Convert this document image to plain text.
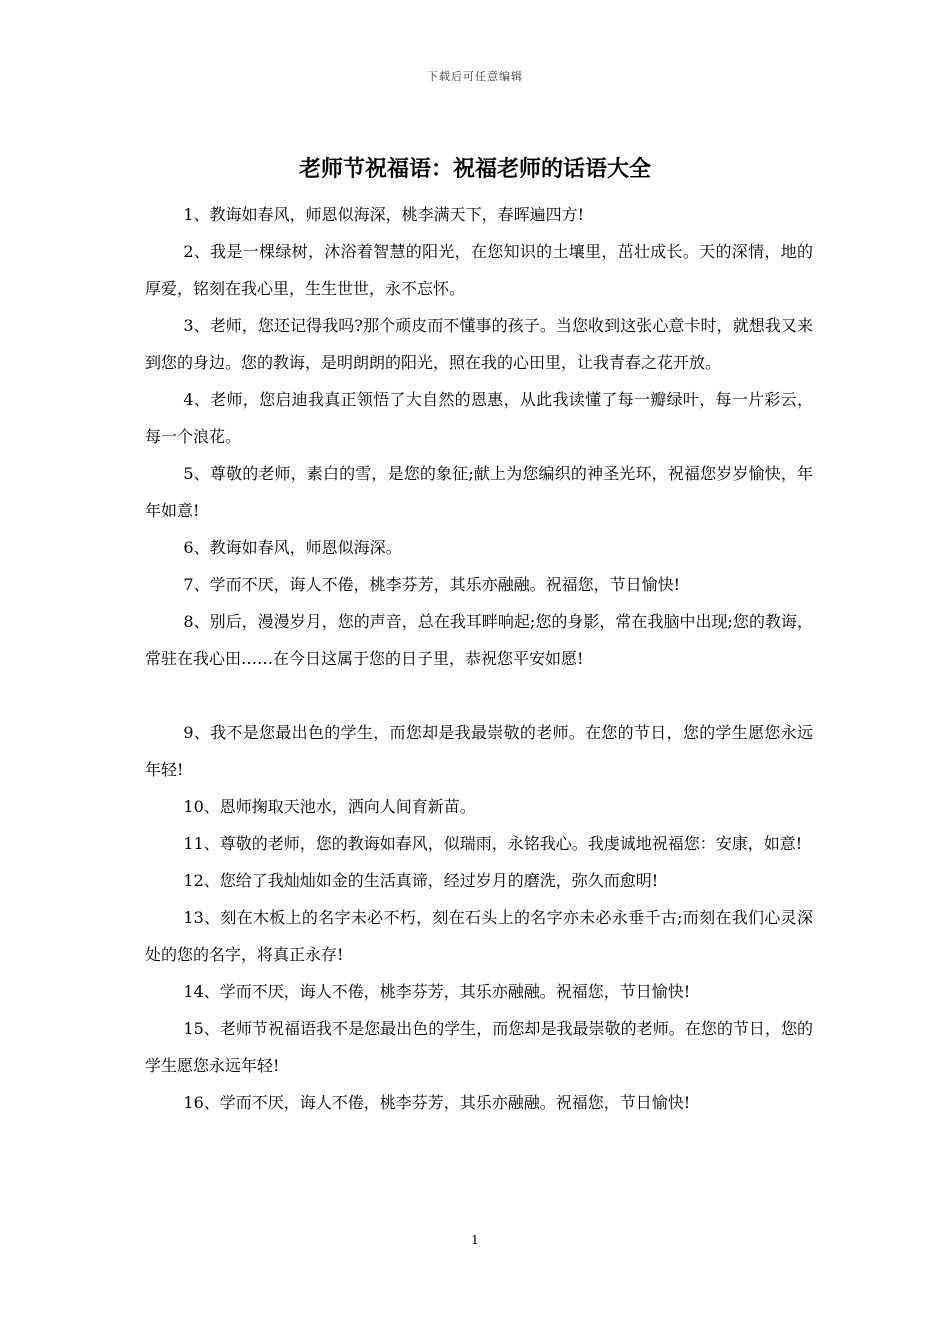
下载后可任意编辑
老师节祝福语：祝福老师的话语大全

1、教诲如春风，师恩似海深，桃李满天下，春晖遍四方!

2、我是一棵绿树，沐浴着智慧的阳光，在您知识的土壤里，茁壮成长。天的深情，地的厚爱，铭刻在我心里，生生世世，永不忘怀。

3、老师，您还记得我吗?那个顽皮而不懂事的孩子。当您收到这张心意卡时，就想我又来到您的身边。您的教诲，是明朗朗的阳光，照在我的心田里，让我青春之花开放。

4、老师，您启迪我真正领悟了大自然的恩惠，从此我读懂了每一瓣绿叶，每一片彩云，每一个浪花。

5、尊敬的老师，素白的雪，是您的象征;献上为您编织的神圣光环，祝福您岁岁愉快，年年如意!

6、教诲如春风，师恩似海深。

7、学而不厌，诲人不倦，桃李芬芳，其乐亦融融。祝福您，节日愉快!

8、别后，漫漫岁月，您的声音，总在我耳畔响起;您的身影，常在我脑中出现;您的教诲，常驻在我心田……在今日这属于您的日子里，恭祝您平安如愿!

9、我不是您最出色的学生，而您却是我最崇敬的老师。在您的节日，您的学生愿您永远年轻!

10、恩师掬取天池水，洒向人间育新苗。

11、尊敬的老师，您的教诲如春风，似瑞雨，永铭我心。我虔诚地祝福您：安康，如意!

12、您给了我灿灿如金的生活真谛，经过岁月的磨洗，弥久而愈明!

13、刻在木板上的名字未必不朽，刻在石头上的名字亦未必永垂千古;而刻在我们心灵深处的您的名字，将真正永存!

14、学而不厌，诲人不倦，桃李芬芳，其乐亦融融。祝福您，节日愉快!

15、老师节祝福语我不是您最出色的学生，而您却是我最崇敬的老师。在您的节日，您的学生愿您永远年轻!

16、学而不厌，诲人不倦，桃李芬芳，其乐亦融融。祝福您，节日愉快!

1
